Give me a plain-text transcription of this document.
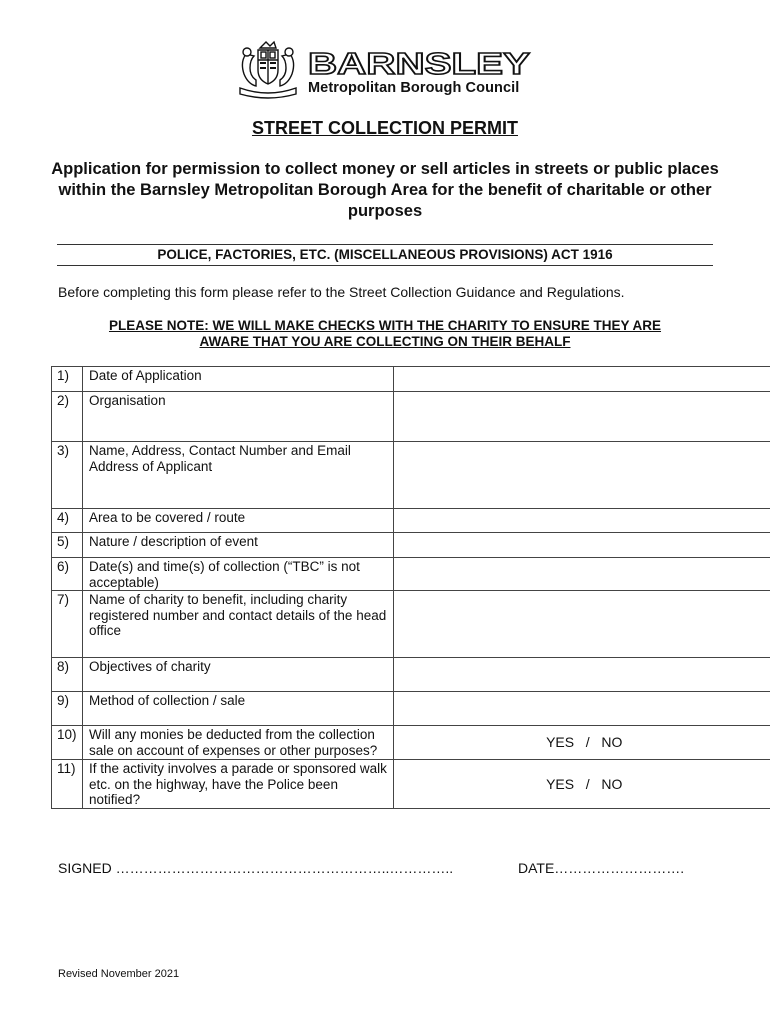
BARNSLEY
Metropolitan Borough Council
STREET COLLECTION PERMIT
Application for permission to collect money or sell articles in streets or public places within the Barnsley Metropolitan Borough Area for the benefit of charitable or other purposes
POLICE, FACTORIES, ETC. (MISCELLANEOUS PROVISIONS) ACT 1916
Before completing this form please refer to the Street Collection Guidance and Regulations.
PLEASE NOTE: WE WILL MAKE CHECKS WITH THE CHARITY TO ENSURE THEY ARE
AWARE THAT YOU ARE COLLECTING ON THEIR BEHALF
1)	Date of Application	
2)	Organisation	
3)	Name, Address, Contact Number and Email Address of Applicant	
4)	Area to be covered / route	
5)	Nature / description of event	
6)	Date(s) and time(s) of collection (“TBC” is not acceptable)	
7)	Name of charity to benefit, including charity registered number and contact details of the head office	
8)	Objectives of charity	
9)	Method of collection / sale	
10)	Will any monies be deducted from the collection sale on account of expenses or other purposes?	YES   /   NO
11)	If the activity involves a parade or sponsored walk etc. on the highway, have the Police been notified?	YES   /   NO
SIGNED …………………………………………………..…………..	DATE……………………….
Revised November 2021
